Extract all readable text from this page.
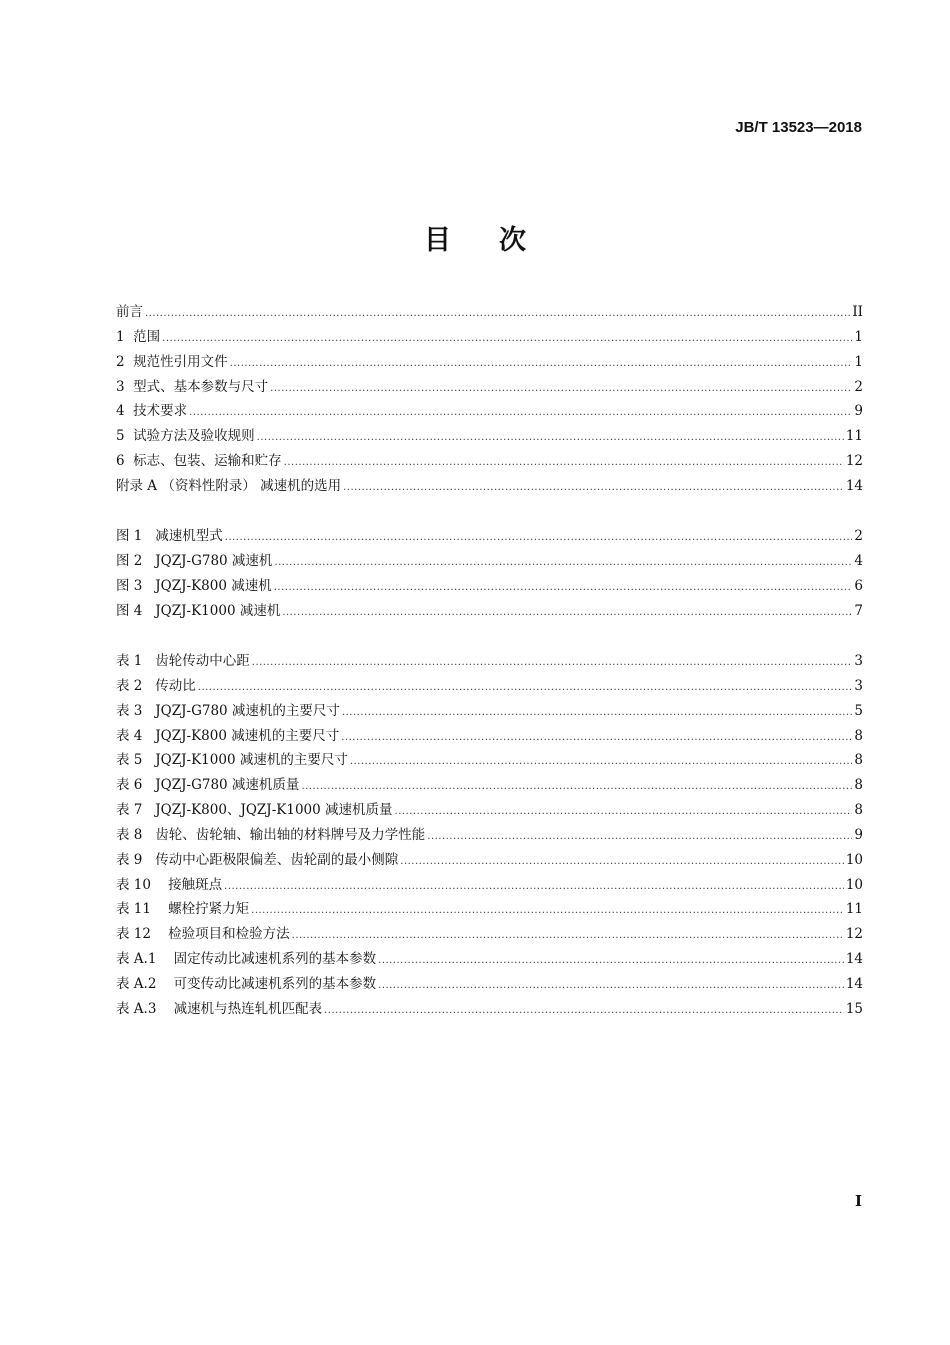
JB/T 13523—2018
目次
前言 .....	II
1  范围 .....	1
2  规范性引用文件 .....	1
3  型式、基本参数与尺寸 .....	2
4  技术要求 .....	9
5  试验方法及验收规则 .....	11
6  标志、包装、运输和贮存 .....	12
附录 A （资料性附录） 减速机的选用 .....	14
图 1   减速机型式 .....	2
图 2   JQZJ-G780 减速机 .....	4
图 3   JQZJ-K800 减速机 .....	6
图 4   JQZJ-K1000 减速机 .....	7
表 1   齿轮传动中心距 .....	3
表 2   传动比 .....	3
表 3   JQZJ-G780 减速机的主要尺寸 .....	5
表 4   JQZJ-K800 减速机的主要尺寸 .....	8
表 5   JQZJ-K1000 减速机的主要尺寸 .....	8
表 6   JQZJ-G780 减速机质量 .....	8
表 7   JQZJ-K800、JQZJ-K1000 减速机质量 .....	8
表 8   齿轮、齿轮轴、输出轴的材料牌号及力学性能 .....	9
表 9   传动中心距极限偏差、齿轮副的最小侧隙 .....	10
表 10    接触斑点 .....	10
表 11    螺栓拧紧力矩 .....	11
表 12    检验项目和检验方法 .....	12
表 A.1    固定传动比减速机系列的基本参数 .....	14
表 A.2    可变传动比减速机系列的基本参数 .....	14
表 A.3    减速机与热连轧机匹配表 .....	15
I
